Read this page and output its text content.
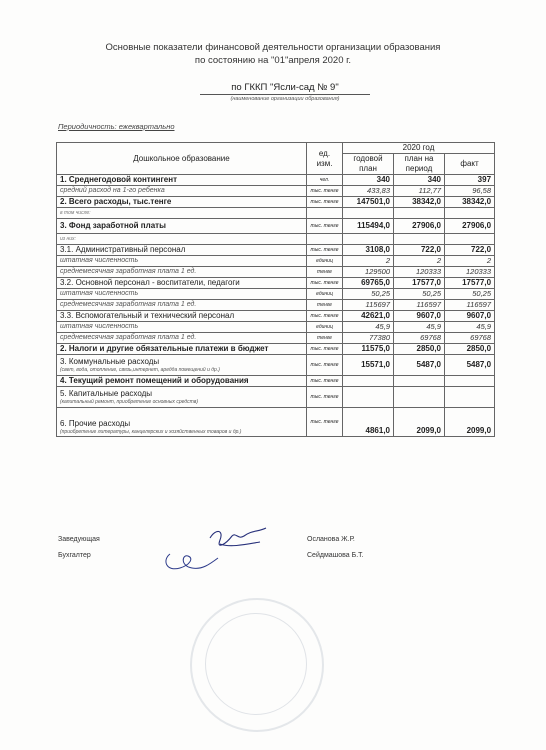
Основные показатели финансовой деятельности организации образования
по состоянию на "01"апреля 2020 г.
по ГККП "Ясли-сад № 9"
(наименование организации образования)
Периодичность: ежеквартально
Дошкольное образование	ед. изм.	2020 год		
		годовой план	план на период	факт
1. Среднегодовой контингент	чел.	340	340	397
средний расход на 1-го ребенка	тыс. тенге	433,83	112,77	96,58
2. Всего расходы, тыс.тенге	тыс. тенге	147501,0	38342,0	38342,0
в том числе:				
3. Фонд заработной платы	тыс. тенге	115494,0	27906,0	27906,0
из них:				
3.1. Административный персонал	тыс. тенге	3108,0	722,0	722,0
штатная численность	единиц	2	2	2
среднемесячная заработная плата 1 ед.	тенге	129500	120333	120333
3.2. Основной персонал - воспитатели, педагоги	тыс. тенге	69765,0	17577,0	17577,0
штатная численность	единиц	50,25	50,25	50,25
среднемесячная заработная плата 1 ед.	тенге	115697	116597	116597
3.3. Вспомогательный и технический персонал	тыс. тенге	42621,0	9607,0	9607,0
штатная численность	единиц	45,9	45,9	45,9
среднемесячная заработная плата 1 ед.	тенге	77380	69768	69768
2. Налоги и другие обязательные платежи в бюджет	тыс. тенге	11575,0	2850,0	2850,0
3. Коммунальные расходы
(свет, вода, отопление, связь,интернет, аредда помещений и др.)	тыс. тенге	15571,0	5487,0	5487,0
4. Текущий ремонт помещений и оборудования	тыс. тенге			
5. Капитальные расходы
(капитальный ремонт, приобретение основных средств)	тыс. тенге			
6. Прочие расходы
(приобретение литературы, канцелярских и хозяйственных товаров и др.)	тыс. тенге	4861,0	2099,0	2099,0
Заведующая	Осланова Ж.Р.
Бухгалтер	Сейдмашова Б.Т.
